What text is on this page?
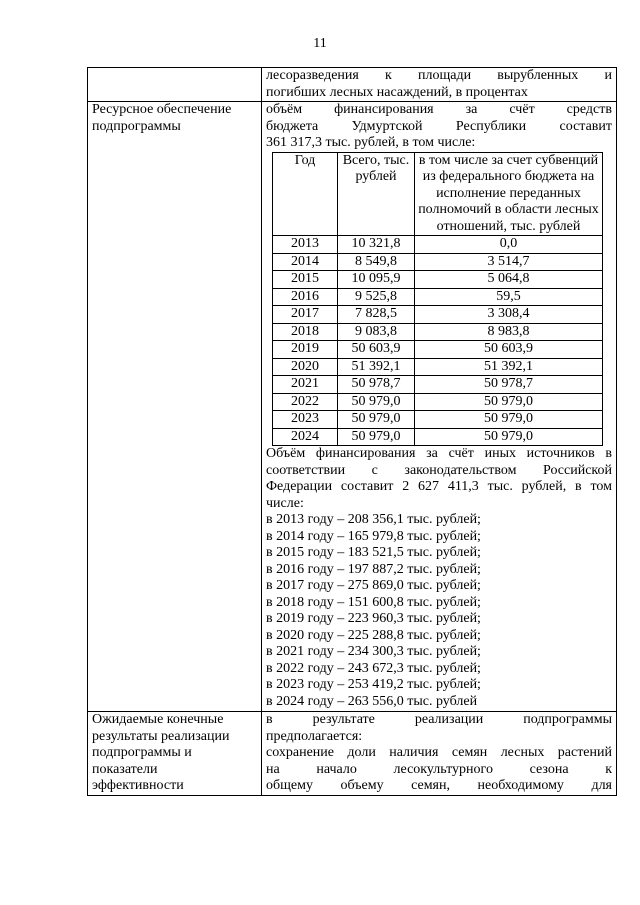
11

лесоразведения к площади вырубленных и
погибших лесных насаждений, в процентах

Ресурсное обеспечение
подпрограммы

объём финансирования за счёт средств
бюджета Удмуртской Республики составит
361 317,3 тыс. рублей, в том числе:
Год	Всего, тыс. рублей	в том числе за счет субвенций из федерального бюджета на исполнение переданных полномочий в области лесных отношений, тыс. рублей
2013	10 321,8	0,0
2014	8 549,8	3 514,7
2015	10 095,9	5 064,8
2016	9 525,8	59,5
2017	7 828,5	3 308,4
2018	9 083,8	8 983,8
2019	50 603,9	50 603,9
2020	51 392,1	51 392,1
2021	50 978,7	50 978,7
2022	50 979,0	50 979,0
2023	50 979,0	50 979,0
2024	50 979,0	50 979,0
Объём финансирования за счёт иных источников в
соответствии с законодательством Российской
Федерации составит 2 627 411,3 тыс. рублей, в том
числе:
в 2013 году – 208 356,1 тыс. рублей;
в 2014 году – 165 979,8 тыс. рублей;
в 2015 году – 183 521,5 тыс. рублей;
в 2016 году – 197 887,2 тыс. рублей;
в 2017 году – 275 869,0 тыс. рублей;
в 2018 году – 151 600,8 тыс. рублей;
в 2019 году – 223 960,3 тыс. рублей;
в 2020 году – 225 288,8 тыс. рублей;
в 2021 году – 234 300,3 тыс. рублей;
в 2022 году – 243 672,3 тыс. рублей;
в 2023 году – 253 419,2 тыс. рублей;
в 2024 году – 263 556,0 тыс. рублей

Ожидаемые конечные
результаты реализации
подпрограммы и
показатели
эффективности

в результате реализации подпрограммы
предполагается:
сохранение доли наличия семян лесных растений
на начало лесокультурного сезона к
общему объему семян, необходимому для
